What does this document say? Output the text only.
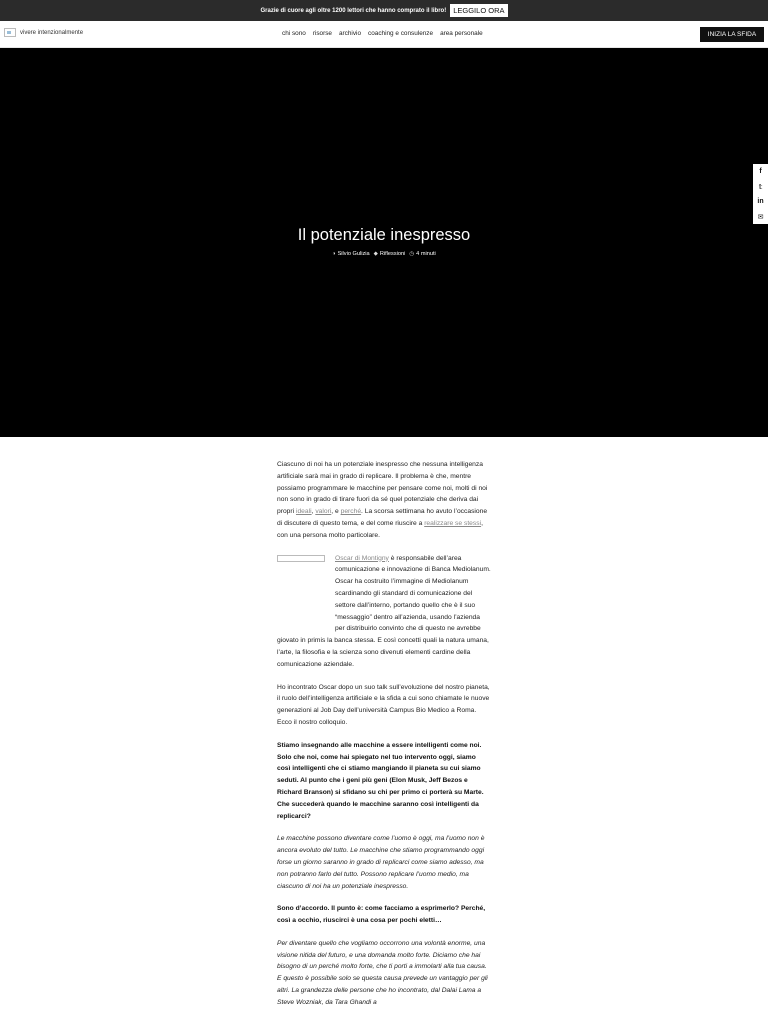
Grazie di cuore agli oltre 1200 lettori che hanno comprato il libro! LEGGILO ORA
vivere intenzionalmente	chi sono risorse archivio coaching e consulenze area personale	INIZIA LA SFIDA
Il potenziale inespresso
◑ Silvio Gulizia ◆ Riflessioni ◷ 4 minuti
f
𝕥
in
✉

Ciascuno di noi ha un potenziale inespresso che nessuna intelligenza artificiale sarà mai in grado di replicare. Il problema è che, mentre possiamo programmare le macchine per pensare come noi, molti di noi non sono in grado di tirare fuori da sé quel potenziale che deriva dai propri ideali, valori, e perché. La scorsa settimana ho avuto l’occasione di discutere di questo tema, e del come riuscire a realizzare se stessi, con una persona molto particolare.

Oscar di Montigny è responsabile dell’area comunicazione e innovazione di Banca Mediolanum. Oscar ha costruito l’immagine di Mediolanum scardinando gli standard di comunicazione del settore dall’interno, portando quello che è il suo “messaggio” dentro all’azienda, usando l’azienda per distribuirlo convinto che di questo ne avrebbe giovato in primis la banca stessa. E così concetti quali la natura umana, l’arte, la filosofia e la scienza sono divenuti elementi cardine della comunicazione aziendale.

Ho incontrato Oscar dopo un suo talk sull’evoluzione del nostro pianeta, il ruolo dell’intelligenza artificiale e la sfida a cui sono chiamate le nuove generazioni al Job Day dell’università Campus Bio Medico a Roma. Ecco il nostro colloquio.

Stiamo insegnando alle macchine a essere intelligenti come noi. Solo che noi, come hai spiegato nel tuo intervento oggi, siamo così intelligenti che ci stiamo mangiando il pianeta su cui siamo seduti. Al punto che i geni più geni (Elon Musk, Jeff Bezos e Richard Branson) si sfidano su chi per primo ci porterà su Marte. Che succederà quando le macchine saranno così intelligenti da replicarci?

Le macchine possono diventare come l’uomo è oggi, ma l’uomo non è ancora evoluto del tutto. Le macchine che stiamo programmando oggi forse un giorno saranno in grado di replicarci come siamo adesso, ma non potranno farlo del tutto. Possono replicare l’uomo medio, ma ciascuno di noi ha un potenziale inespresso.

Sono d’accordo. Il punto è: come facciamo a esprimerlo? Perché, così a occhio, riuscirci è una cosa per pochi eletti…

Per diventare quello che vogliamo occorrono una volontà enorme, una visione nitida del futuro, e una domanda molto forte. Diciamo che hai bisogno di un perché molto forte, che ti porti a immolarti alla tua causa. E questo è possibile solo se questa causa prevede un vantaggio per gli altri. La grandezza delle persone che ho incontrato, dal Dalai Lama a Steve Wozniak, da Tara Ghandi a
